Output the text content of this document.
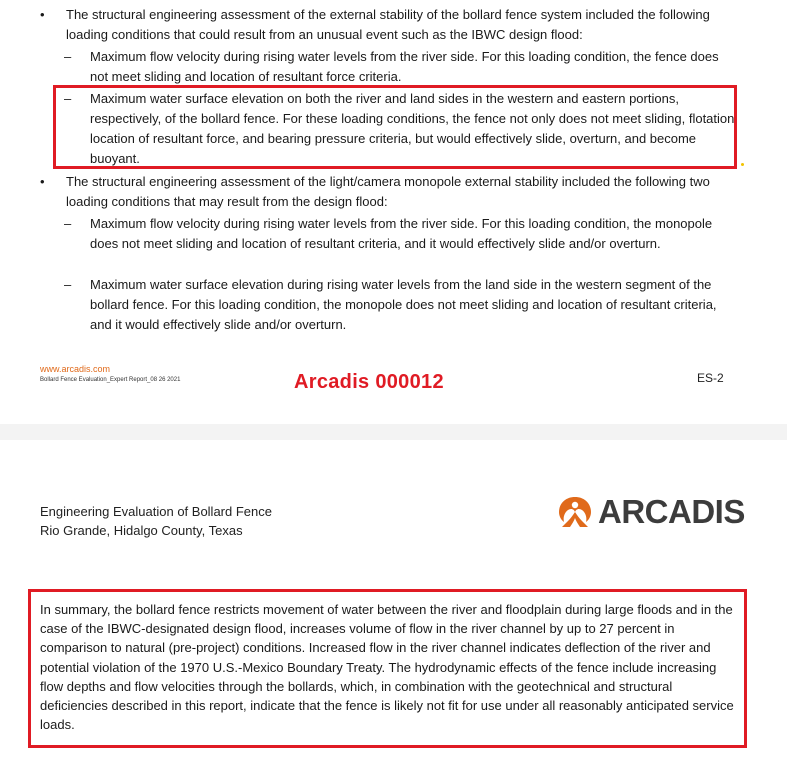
• The structural engineering assessment of the external stability of the bollard fence system included the following loading conditions that could result from an unusual event such as the IBWC design flood:
– Maximum flow velocity during rising water levels from the river side. For this loading condition, the fence does not meet sliding and location of resultant force criteria.
– Maximum water surface elevation on both the river and land sides in the western and eastern portions, respectively, of the bollard fence. For these loading conditions, the fence not only does not meet sliding, flotation, location of resultant force, and bearing pressure criteria, but would effectively slide, overturn, and become buoyant.
• The structural engineering assessment of the light/camera monopole external stability included the following two loading conditions that may result from the design flood:
– Maximum flow velocity during rising water levels from the river side. For this loading condition, the monopole does not meet sliding and location of resultant criteria, and it would effectively slide and/or overturn.
– Maximum water surface elevation during rising water levels from the land side in the western segment of the bollard fence. For this loading condition, the monopole does not meet sliding and location of resultant criteria, and it would effectively slide and/or overturn.
www.arcadis.com
Bollard Fence Evaluation_Expert Report_08 26 2021	Arcadis 000012	ES-2
Engineering Evaluation of Bollard Fence
Rio Grande, Hidalgo County, Texas
ARCADIS
In summary, the bollard fence restricts movement of water between the river and floodplain during large floods and in the case of the IBWC-designated design flood, increases volume of flow in the river channel by up to 27 percent in comparison to natural (pre-project) conditions. Increased flow in the river channel indicates deflection of the river and potential violation of the 1970 U.S.-Mexico Boundary Treaty. The hydrodynamic effects of the fence include increasing flow depths and flow velocities through the bollards, which, in combination with the geotechnical and structural deficiencies described in this report, indicate that the fence is likely not fit for use under all reasonably anticipated service loads.
